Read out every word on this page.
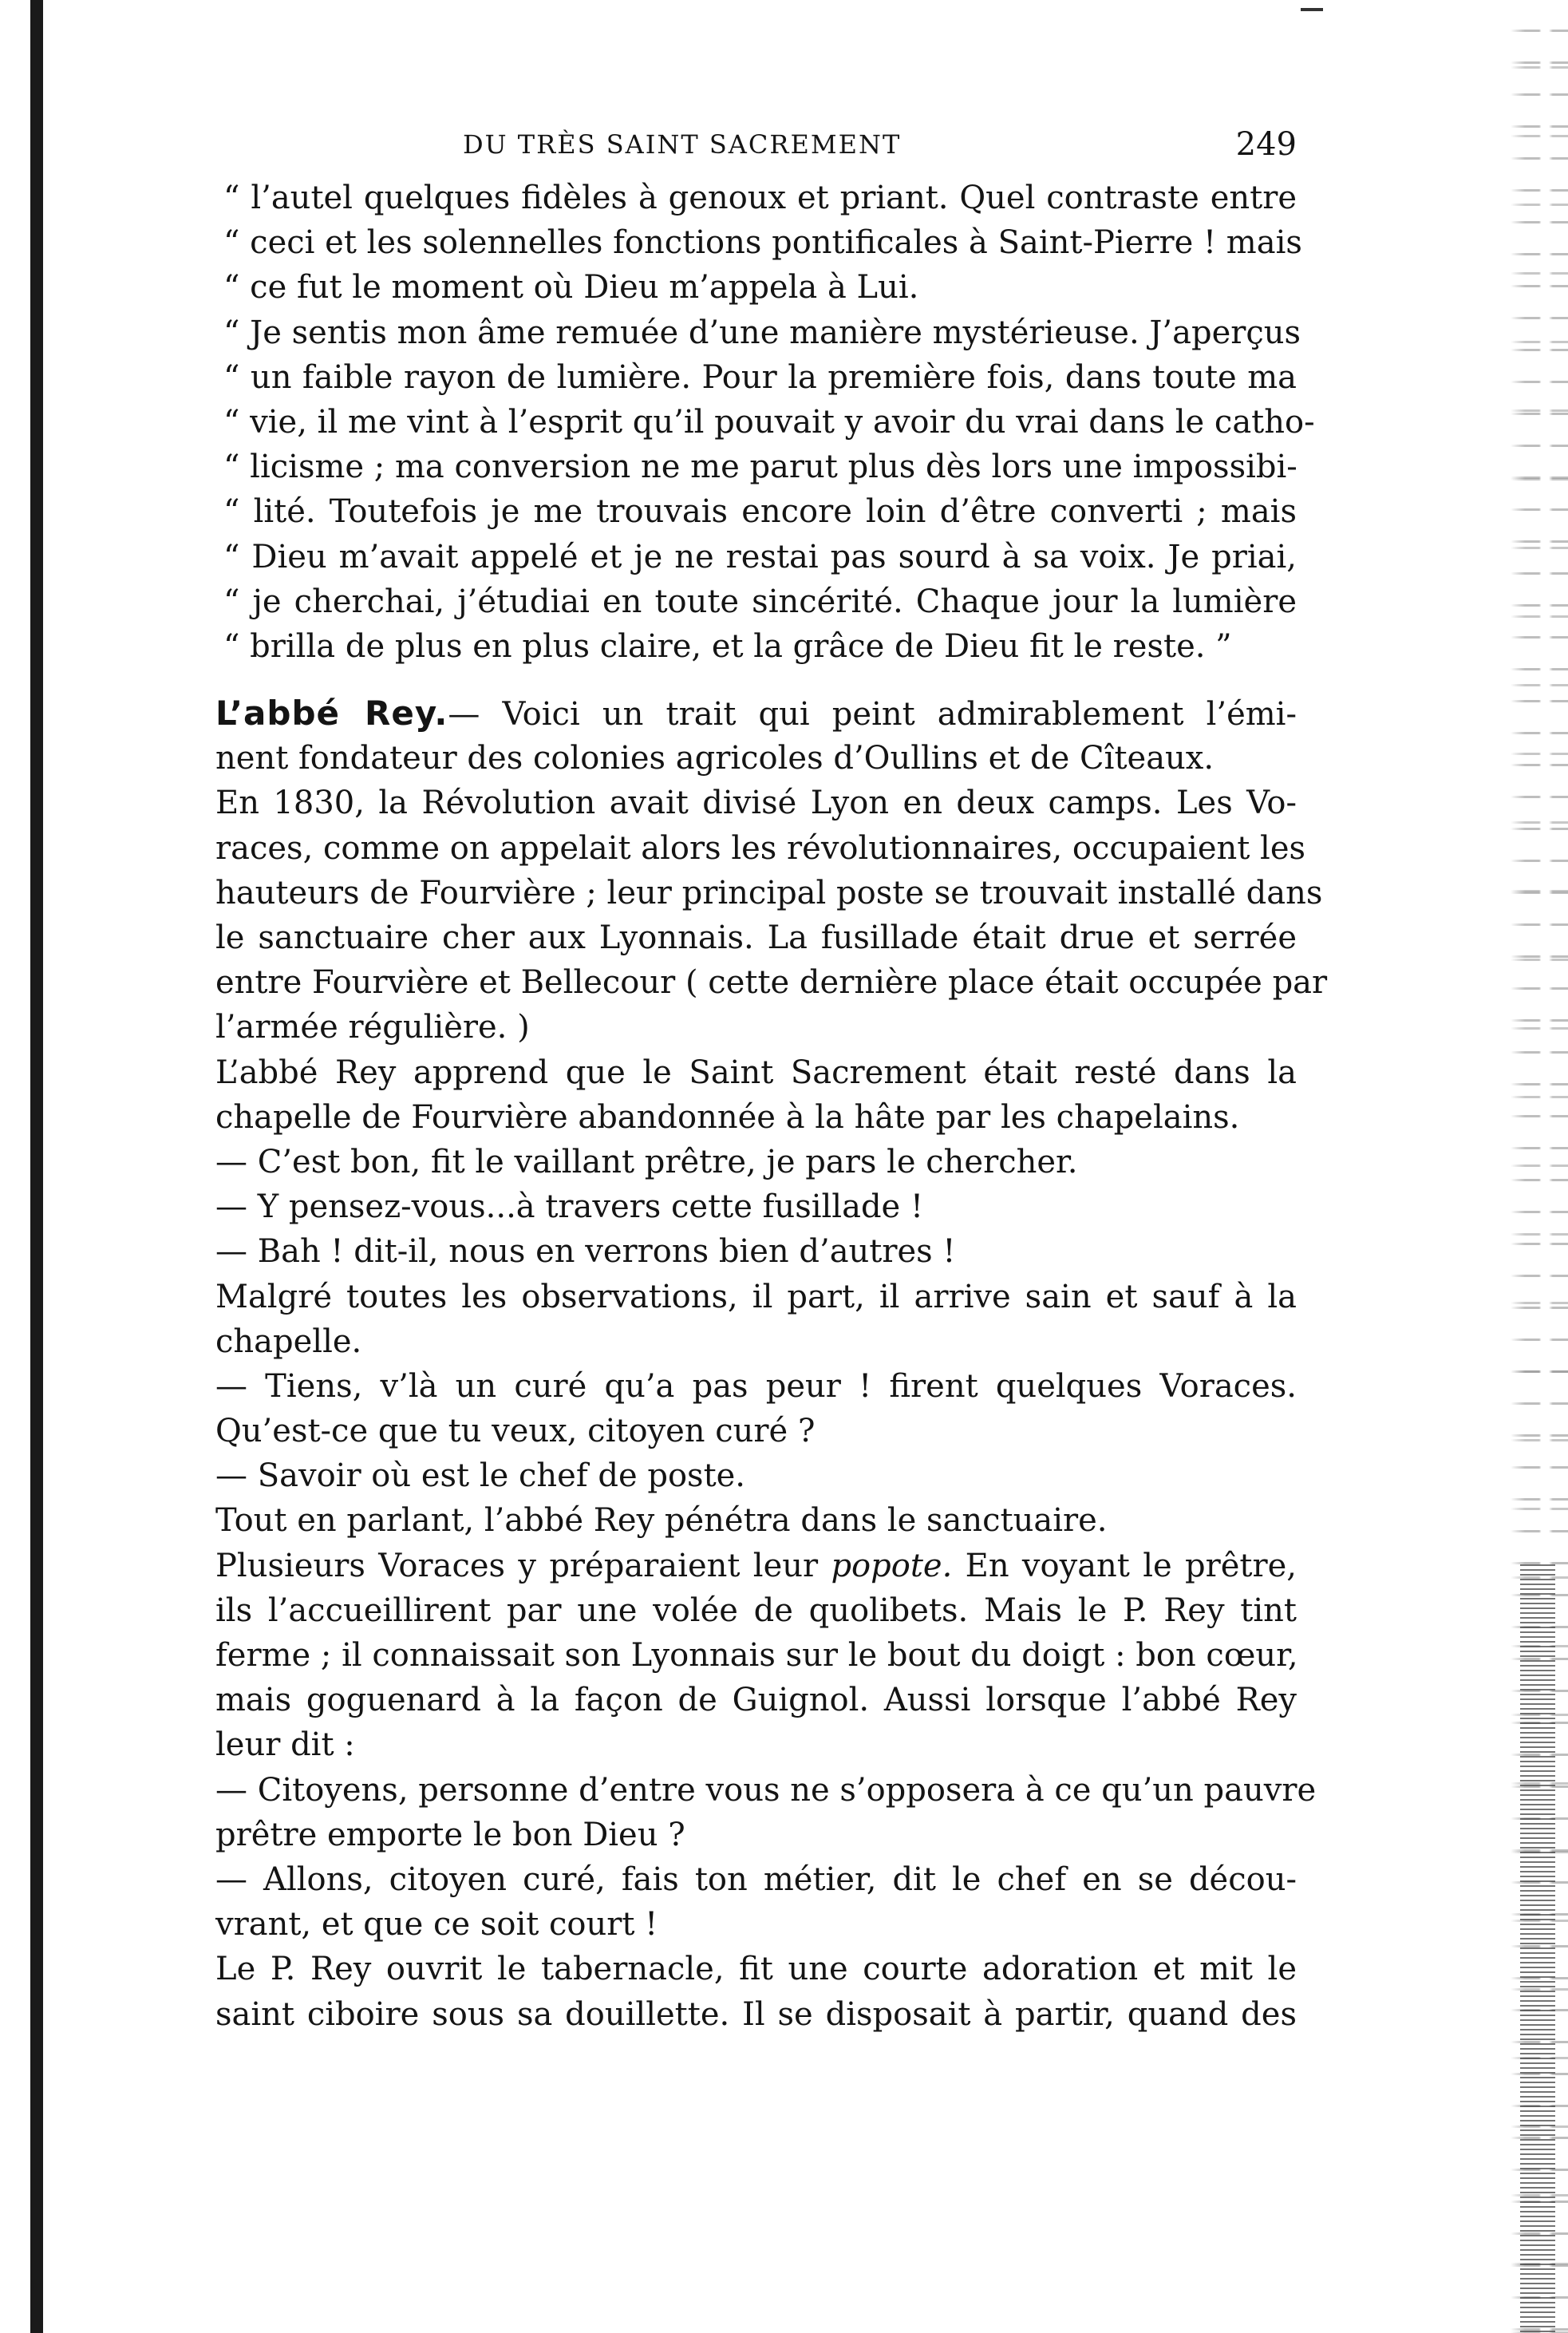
DU TRÈS SAINT SACREMENT	249
“ l’autel quelques fidèles à genoux et priant. Quel contraste entre
“ ceci et les solennelles fonctions pontificales à Saint-Pierre ! mais
“ ce fut le moment où Dieu m’appela à Lui.
“ Je sentis mon âme remuée d’une manière mystérieuse. J’aperçus
“ un faible rayon de lumière. Pour la première fois, dans toute ma
“ vie, il me vint à l’esprit qu’il pouvait y avoir du vrai dans le catho-
“ licisme ; ma conversion ne me parut plus dès lors une impossibi-
“ lité. Toutefois je me trouvais encore loin d’être converti ; mais
“ Dieu m’avait appelé et je ne restai pas sourd à sa voix. Je priai,
“ je cherchai, j’étudiai en toute sincérité. Chaque jour la lumière
“ brilla de plus en plus claire, et la grâce de Dieu fit le reste. ”
L’abbé Rey.— Voici un trait qui peint admirablement l’émi-
nent fondateur des colonies agricoles d’Oullins et de Cîteaux.
En 1830, la Révolution avait divisé Lyon en deux camps. Les Vo-
races, comme on appelait alors les révolutionnaires, occupaient les
hauteurs de Fourvière ; leur principal poste se trouvait installé dans
le sanctuaire cher aux Lyonnais. La fusillade était drue et serrée
entre Fourvière et Bellecour ( cette dernière place était occupée par
l’armée régulière. )
L’abbé Rey apprend que le Saint Sacrement était resté dans la
chapelle de Fourvière abandonnée à la hâte par les chapelains.
— C’est bon, fit le vaillant prêtre, je pars le chercher.
— Y pensez-vous...à travers cette fusillade !
— Bah ! dit-il, nous en verrons bien d’autres !
Malgré toutes les observations, il part, il arrive sain et sauf à la
chapelle.
— Tiens, v’là un curé qu’a pas peur ! firent quelques Voraces.
Qu’est-ce que tu veux, citoyen curé ?
— Savoir où est le chef de poste.
Tout en parlant, l’abbé Rey pénétra dans le sanctuaire.
Plusieurs Voraces y préparaient leur popote. En voyant le prêtre,
ils l’accueillirent par une volée de quolibets. Mais le P. Rey tint
ferme ; il connaissait son Lyonnais sur le bout du doigt : bon cœur,
mais goguenard à la façon de Guignol. Aussi lorsque l’abbé Rey
leur dit :
— Citoyens, personne d’entre vous ne s’opposera à ce qu’un pauvre
prêtre emporte le bon Dieu ?
— Allons, citoyen curé, fais ton métier, dit le chef en se décou-
vrant, et que ce soit court !
Le P. Rey ouvrit le tabernacle, fit une courte adoration et mit le
saint ciboire sous sa douillette. Il se disposait à partir, quand des
